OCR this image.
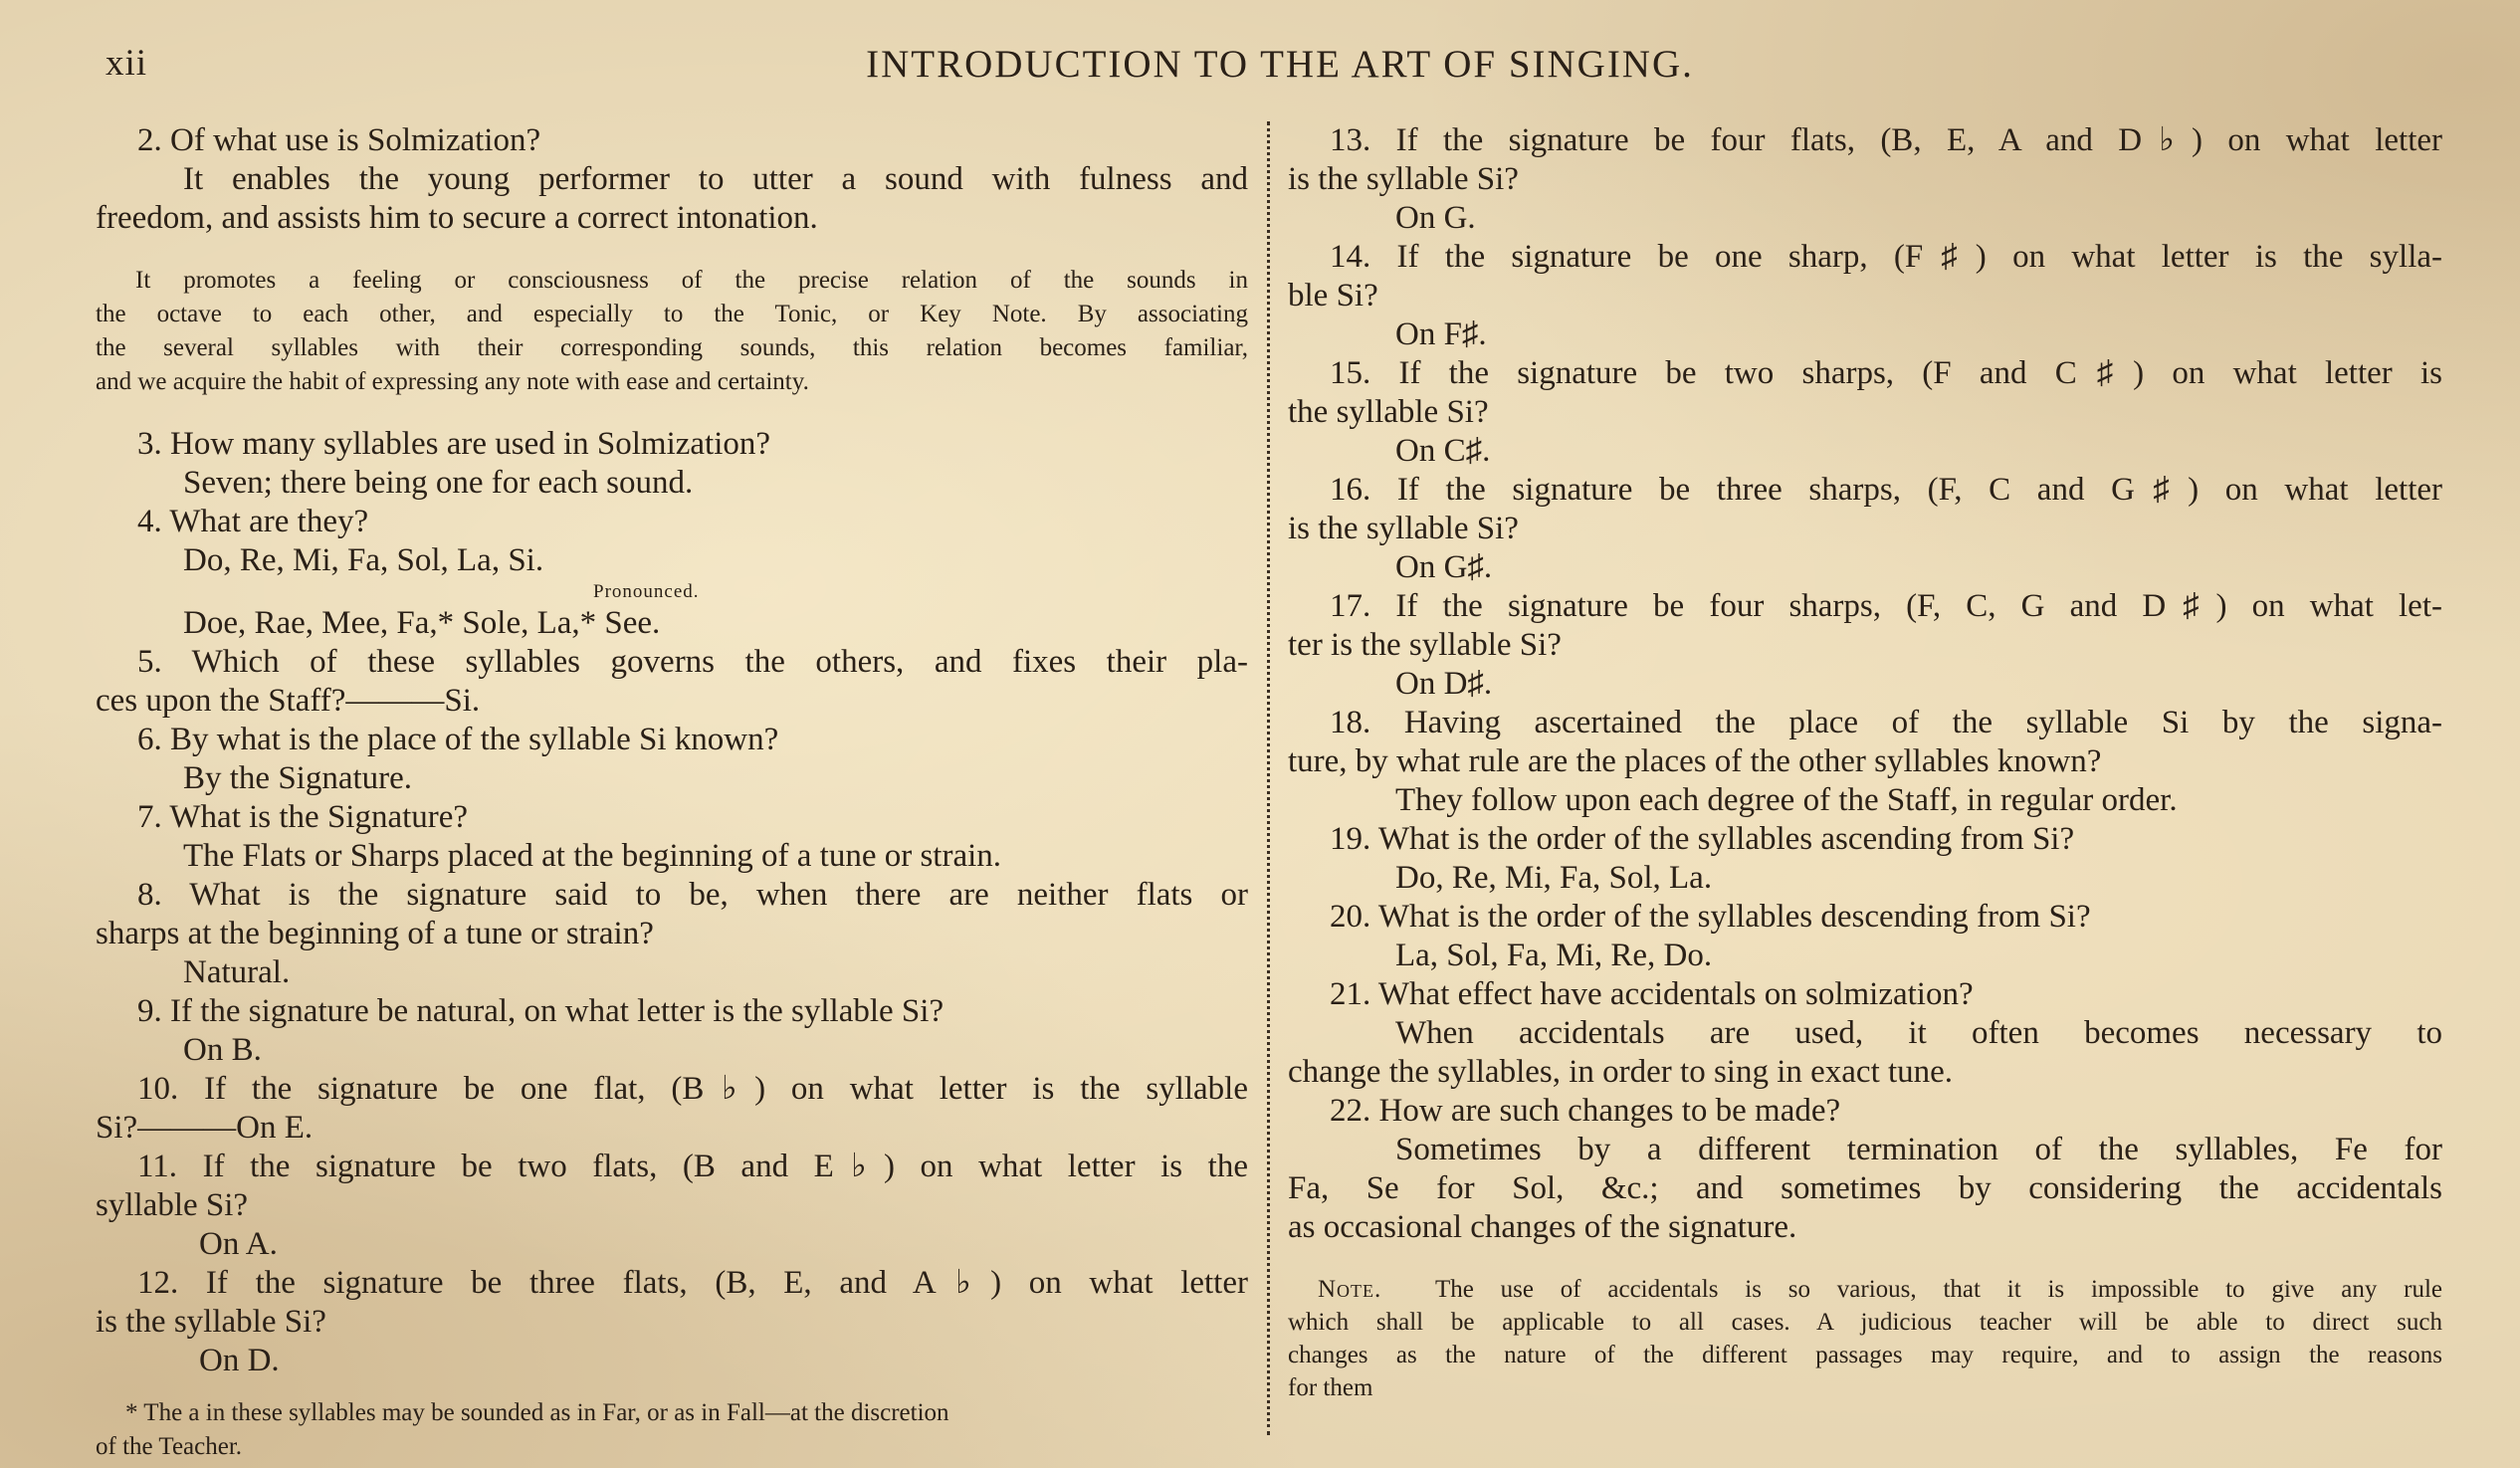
xii	INTRODUCTION TO THE ART OF SINGING.
2. Of what use is Solmization?
It enables the young performer to utter a sound with fulness and
freedom, and assists him to secure a correct intonation.
It promotes a feeling or consciousness of the precise relation of the sounds in
the octave to each other, and especially to the Tonic, or Key Note. By associating
the several syllables with their corresponding sounds, this relation becomes familiar,
and we acquire the habit of expressing any note with ease and certainty.
3. How many syllables are used in Solmization?
Seven; there being one for each sound.
4. What are they?
Do, Re, Mi, Fa, Sol, La, Si.
Pronounced.
Doe, Rae, Mee, Fa,* Sole, La,* See.
5. Which of these syllables governs the others, and fixes their pla-
ces upon the Staff?———Si.
6. By what is the place of the syllable Si known?
By the Signature.
7. What is the Signature?
The Flats or Sharps placed at the beginning of a tune or strain.
8. What is the signature said to be, when there are neither flats or
sharps at the beginning of a tune or strain?
Natural.
9. If the signature be natural, on what letter is the syllable Si?
On B.
10. If the signature be one flat, (B♭) on what letter is the syllable
Si?———On E.
11. If the signature be two flats, (B and E♭) on what letter is the
syllable Si?
On A.
12. If the signature be three flats, (B, E, and A♭) on what letter
is the syllable Si?
On D.
* The a in these syllables may be sounded as in Far, or as in Fall—at the discretion
of the Teacher.
13. If the signature be four flats, (B, E, A and D♭) on what letter
is the syllable Si?
On G.
14. If the signature be one sharp, (F♯) on what letter is the sylla-
ble Si?
On F♯.
15. If the signature be two sharps, (F and C♯) on what letter is
the syllable Si?
On C♯.
16. If the signature be three sharps, (F, C and G♯) on what letter
is the syllable Si?
On G♯.
17. If the signature be four sharps, (F, C, G and D♯) on what let-
ter is the syllable Si?
On D♯.
18. Having ascertained the place of the syllable Si by the signa-
ture, by what rule are the places of the other syllables known?
They follow upon each degree of the Staff, in regular order.
19. What is the order of the syllables ascending from Si?
Do, Re, Mi, Fa, Sol, La.
20. What is the order of the syllables descending from Si?
La, Sol, Fa, Mi, Re, Do.
21. What effect have accidentals on solmization?
When accidentals are used, it often becomes necessary to
change the syllables, in order to sing in exact tune.
22. How are such changes to be made?
Sometimes by a different termination of the syllables, Fe for
Fa, Se for Sol, &c.; and sometimes by considering the accidentals
as occasional changes of the signature.
Note. The use of accidentals is so various, that it is impossible to give any rule
which shall be applicable to all cases. A judicious teacher will be able to direct such
changes as the nature of the different passages may require, and to assign the reasons
for them
